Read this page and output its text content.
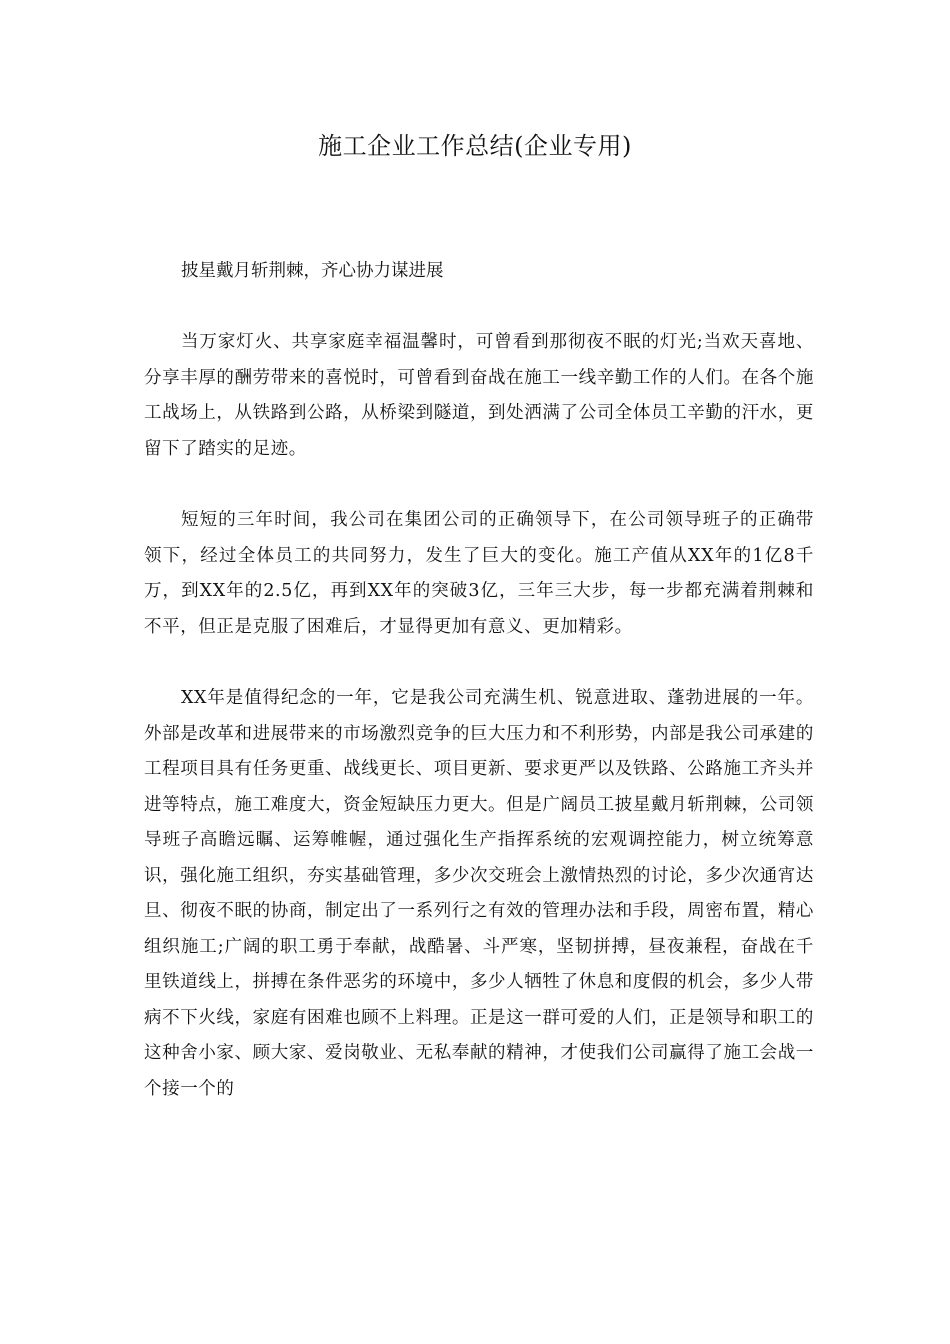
施工企业工作总结(企业专用)

披星戴月斩荆棘，齐心协力谋进展

当万家灯火、共享家庭幸福温馨时，可曾看到那彻夜不眠的灯光;当欢天喜地、分享丰厚的酬劳带来的喜悦时，可曾看到奋战在施工一线辛勤工作的人们。在各个施工战场上，从铁路到公路，从桥梁到隧道，到处洒满了公司全体员工辛勤的汗水，更留下了踏实的足迹。

短短的三年时间，我公司在集团公司的正确领导下，在公司领导班子的正确带领下，经过全体员工的共同努力，发生了巨大的变化。施工产值从XX年的1亿8千万，到XX年的2.5亿，再到XX年的突破3亿，三年三大步，每一步都充满着荆棘和不平，但正是克服了困难后，才显得更加有意义、更加精彩。

XX年是值得纪念的一年，它是我公司充满生机、锐意进取、蓬勃进展的一年。外部是改革和进展带来的市场激烈竞争的巨大压力和不利形势，内部是我公司承建的工程项目具有任务更重、战线更长、项目更新、要求更严以及铁路、公路施工齐头并进等特点，施工难度大，资金短缺压力更大。但是广阔员工披星戴月斩荆棘，公司领导班子高瞻远瞩、运筹帷幄，通过强化生产指挥系统的宏观调控能力，树立统筹意识，强化施工组织，夯实基础管理，多少次交班会上激情热烈的讨论，多少次通宵达旦、彻夜不眠的协商，制定出了一系列行之有效的管理办法和手段，周密布置，精心组织施工;广阔的职工勇于奉献，战酷暑、斗严寒，坚韧拼搏，昼夜兼程，奋战在千里铁道线上，拼搏在条件恶劣的环境中，多少人牺牲了休息和度假的机会，多少人带病不下火线，家庭有困难也顾不上料理。正是这一群可爱的人们，正是领导和职工的这种舍小家、顾大家、爱岗敬业、无私奉献的精神，才使我们公司赢得了施工会战一个接一个的
